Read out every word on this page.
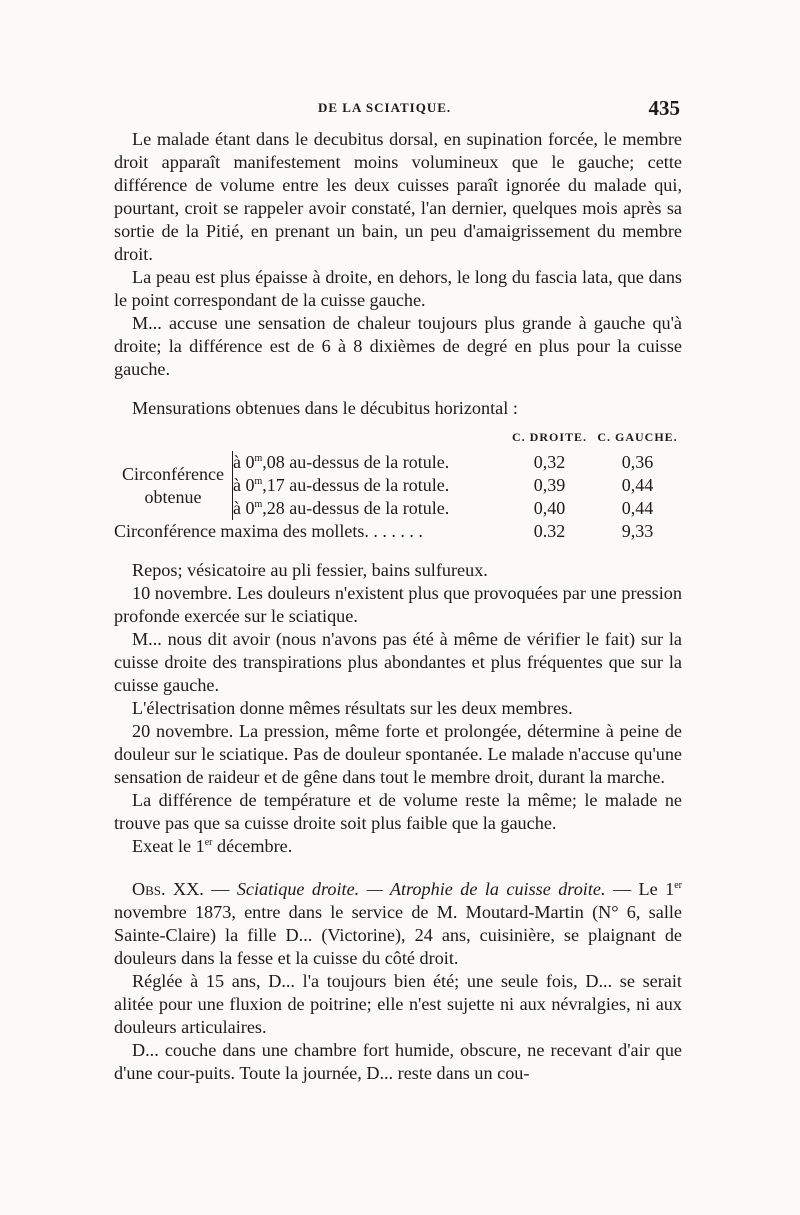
DE LA SCIATIQUE.	435

Le malade étant dans le decubitus dorsal, en supination forcée, le membre droit apparaît manifestement moins volumineux que le gauche; cette différence de volume entre les deux cuisses paraît ignorée du malade qui, pourtant, croit se rappeler avoir constaté, l'an dernier, quelques mois après sa sortie de la Pitié, en prenant un bain, un peu d'amaigrissement du membre droit.

La peau est plus épaisse à droite, en dehors, le long du fascia lata, que dans le point correspondant de la cuisse gauche.

M... accuse une sensation de chaleur toujours plus grande à gauche qu'à droite; la différence est de 6 à 8 dixièmes de degré en plus pour la cuisse gauche.

Mensurations obtenues dans le décubitus horizontal :

		C. DROITE.	C. GAUCHE.
Circonférence obtenue	à 0$^m$,08 au-dessus de la rotule.	0,32	0,36
	à 0$^m$,17 au-dessus de la rotule.	0,39	0,44
	à 0$^m$,28 au-dessus de la rotule.	0,40	0,44
Circonférence maxima des mollets. . . . . . .		0.32	9,33

Repos; vésicatoire au pli fessier, bains sulfureux.

10 novembre. Les douleurs n'existent plus que provoquées par une pression profonde exercée sur le sciatique.

M... nous dit avoir (nous n'avons pas été à même de vérifier le fait) sur la cuisse droite des transpirations plus abondantes et plus fréquentes que sur la cuisse gauche.

L'électrisation donne mêmes résultats sur les deux membres.

20 novembre. La pression, même forte et prolongée, détermine à peine de douleur sur le sciatique. Pas de douleur spontanée. Le malade n'accuse qu'une sensation de raideur et de gêne dans tout le membre droit, durant la marche.

La différence de température et de volume reste la même; le malade ne trouve pas que sa cuisse droite soit plus faible que la gauche.

Exeat le 1er décembre.

Obs. XX. — Sciatique droite. — Atrophie de la cuisse droite. — Le 1er novembre 1873, entre dans le service de M. Moutard-Martin (N° 6, salle Sainte-Claire) la fille D... (Victorine), 24 ans, cuisinière, se plaignant de douleurs dans la fesse et la cuisse du côté droit.

Réglée à 15 ans, D... l'a toujours bien été; une seule fois, D... se serait alitée pour une fluxion de poitrine; elle n'est sujette ni aux névralgies, ni aux douleurs articulaires.

D... couche dans une chambre fort humide, obscure, ne recevant d'air que d'une cour-puits. Toute la journée, D... reste dans un cou-
